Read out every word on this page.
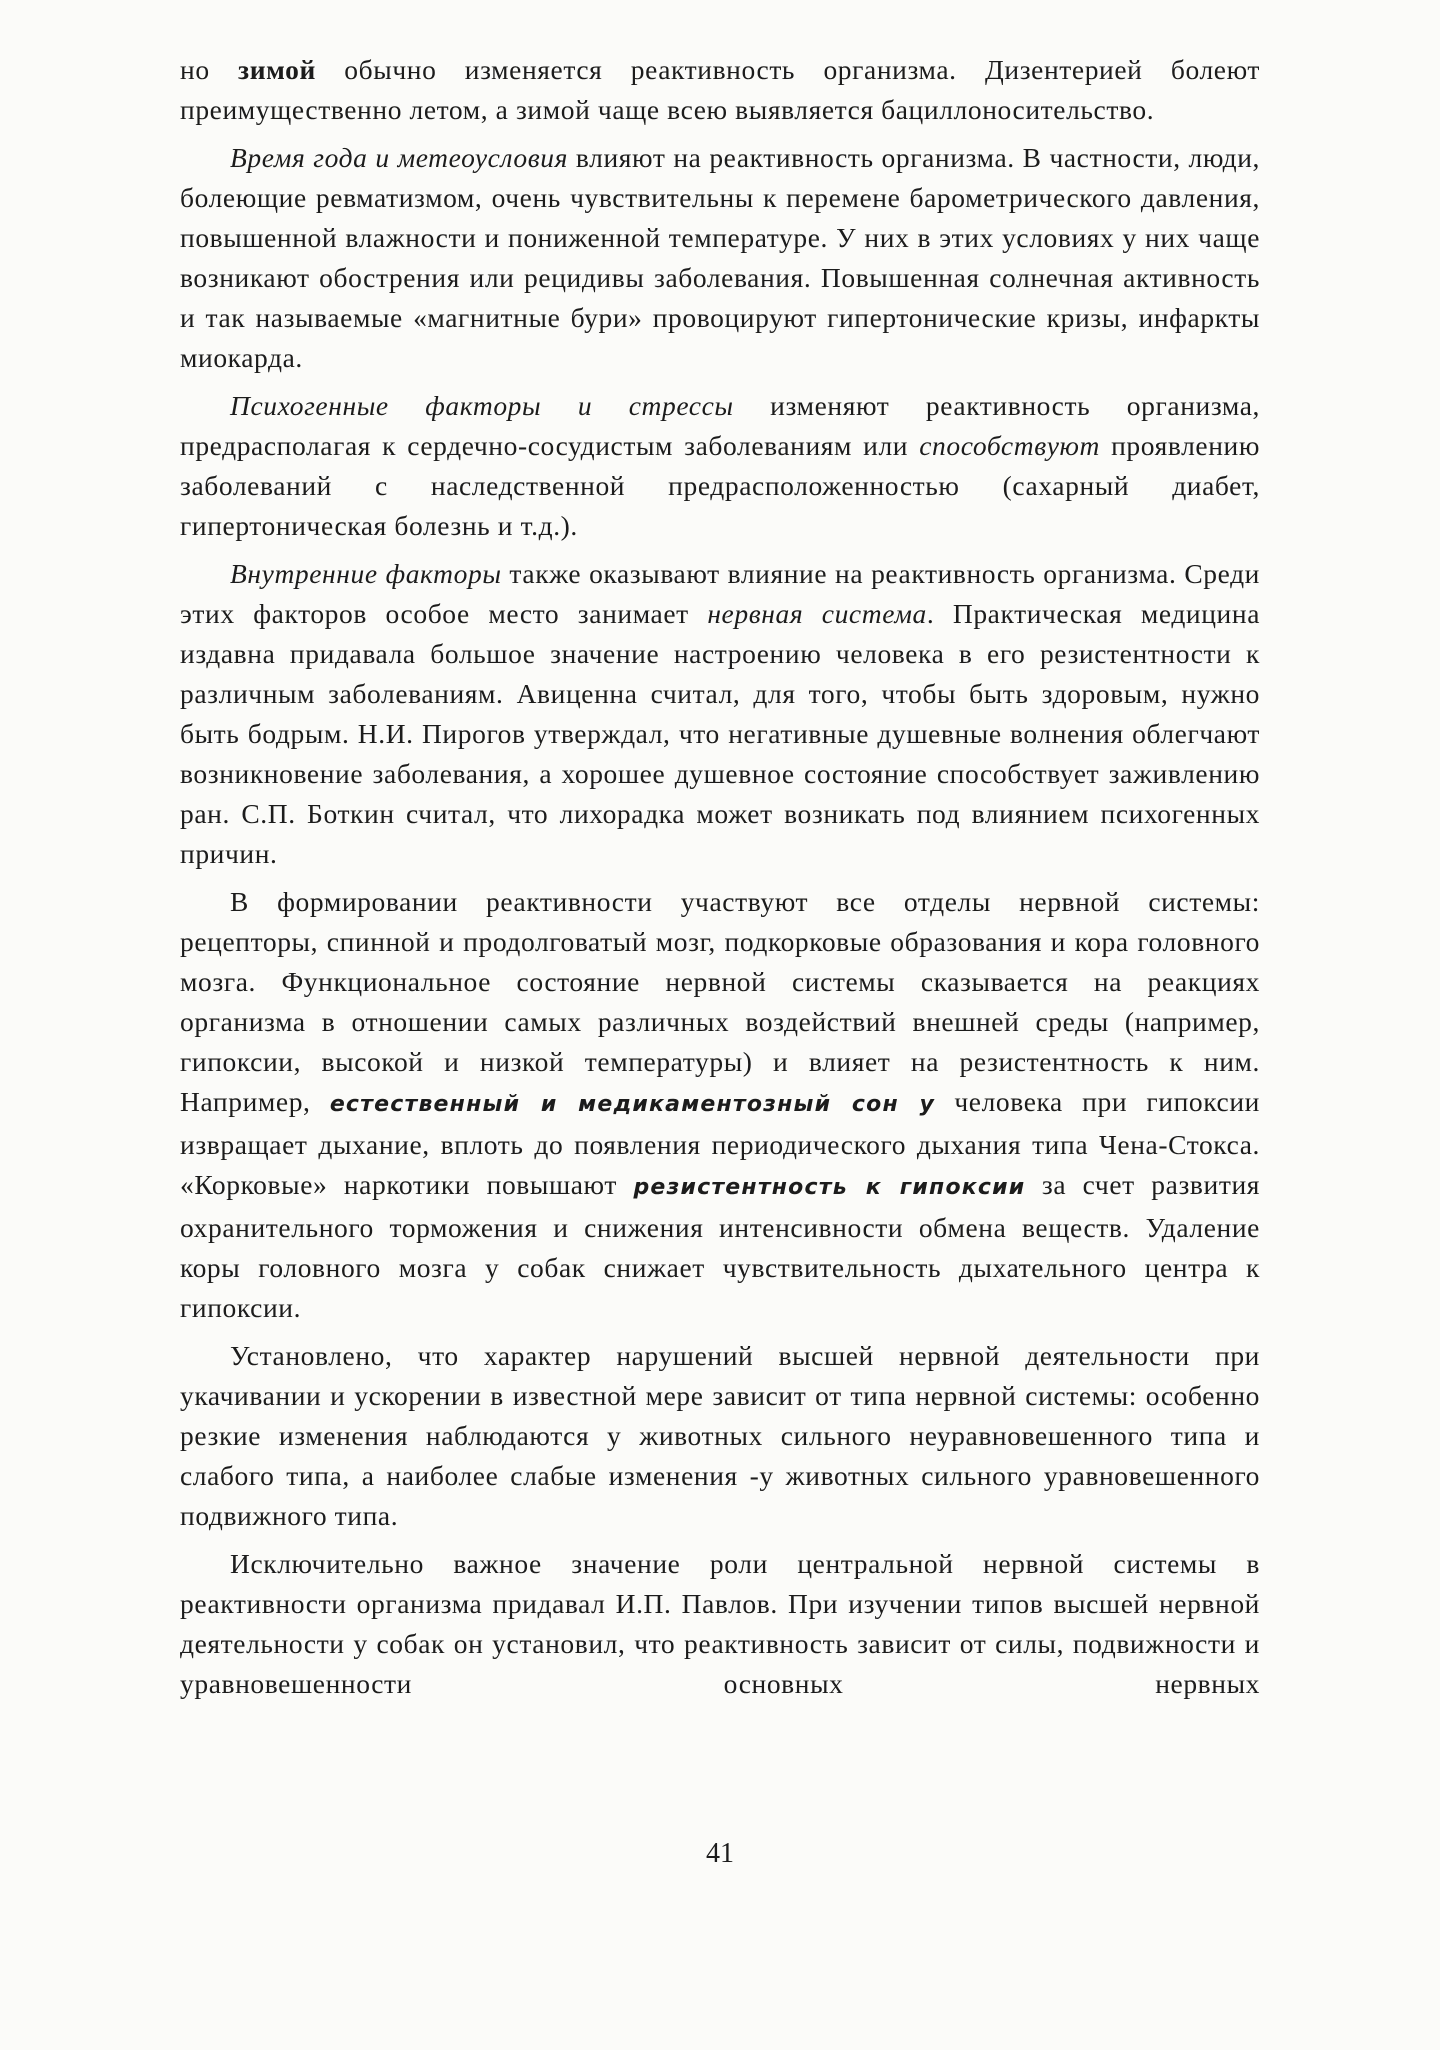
но зимой обычно изменяется реактивность организма. Дизентерией болеют преимущественно летом, а зимой чаще всею выявляется бациллоносительство.

Время года и метеоусловия влияют на реактивность организма. В частности, люди, болеющие ревматизмом, очень чувствительны к перемене барометрического давления, повышенной влажности и пониженной температуре. У них в этих условиях у них чаще возникают обострения или рецидивы заболевания. Повышенная солнечная активность и так называемые «магнитные бури» провоцируют гипертонические кризы, инфаркты миокарда.

Психогенные факторы и стрессы изменяют реактивность организма, предрасполагая к сердечно-сосудистым заболеваниям или способствуют проявлению заболеваний с наследственной предрасположенностью (сахарный диабет, гипертоническая болезнь и т.д.).

Внутренние факторы также оказывают влияние на реактивность организма. Среди этих факторов особое место занимает нервная система. Практическая медицина издавна придавала большое значение настроению человека в его резистентности к различным заболеваниям. Авиценна считал, для того, чтобы быть здоровым, нужно быть бодрым. Н.И. Пирогов утверждал, что негативные душевные волнения облегчают возникновение заболевания, а хорошее душевное состояние способствует заживлению ран. С.П. Боткин считал, что лихорадка может возникать под влиянием психогенных причин.

В формировании реактивности участвуют все отделы нервной системы: рецепторы, спинной и продолговатый мозг, подкорковые образования и кора головного мозга. Функциональное состояние нервной системы сказывается на реакциях организма в отношении самых различных воздействий внешней среды (например, гипоксии, высокой и низкой температуры) и влияет на резистентность к ним. Например, естественный и медикаментозный сон у человека при гипоксии извращает дыхание, вплоть до появления периодического дыхания типа Чена-Стокса. «Корковые» наркотики повышают резистентность к гипоксии за счет развития охранительного торможения и снижения интенсивности обмена веществ. Удаление коры головного мозга у собак снижает чувствительность дыхательного центра к гипоксии.

Установлено, что характер нарушений высшей нервной деятельности при укачивании и ускорении в известной мере зависит от типа нервной системы: особенно резкие изменения наблюдаются у животных сильного неуравновешенного типа и слабого типа, а наиболее слабые изменения -у животных сильного уравновешенного подвижного типа.

Исключительно важное значение роли центральной нервной системы в реактивности организма придавал И.П. Павлов. При изучении типов высшей нервной деятельности у собак он установил, что реактивность зависит от силы, подвижности и уравновешенности основных нервных

41
